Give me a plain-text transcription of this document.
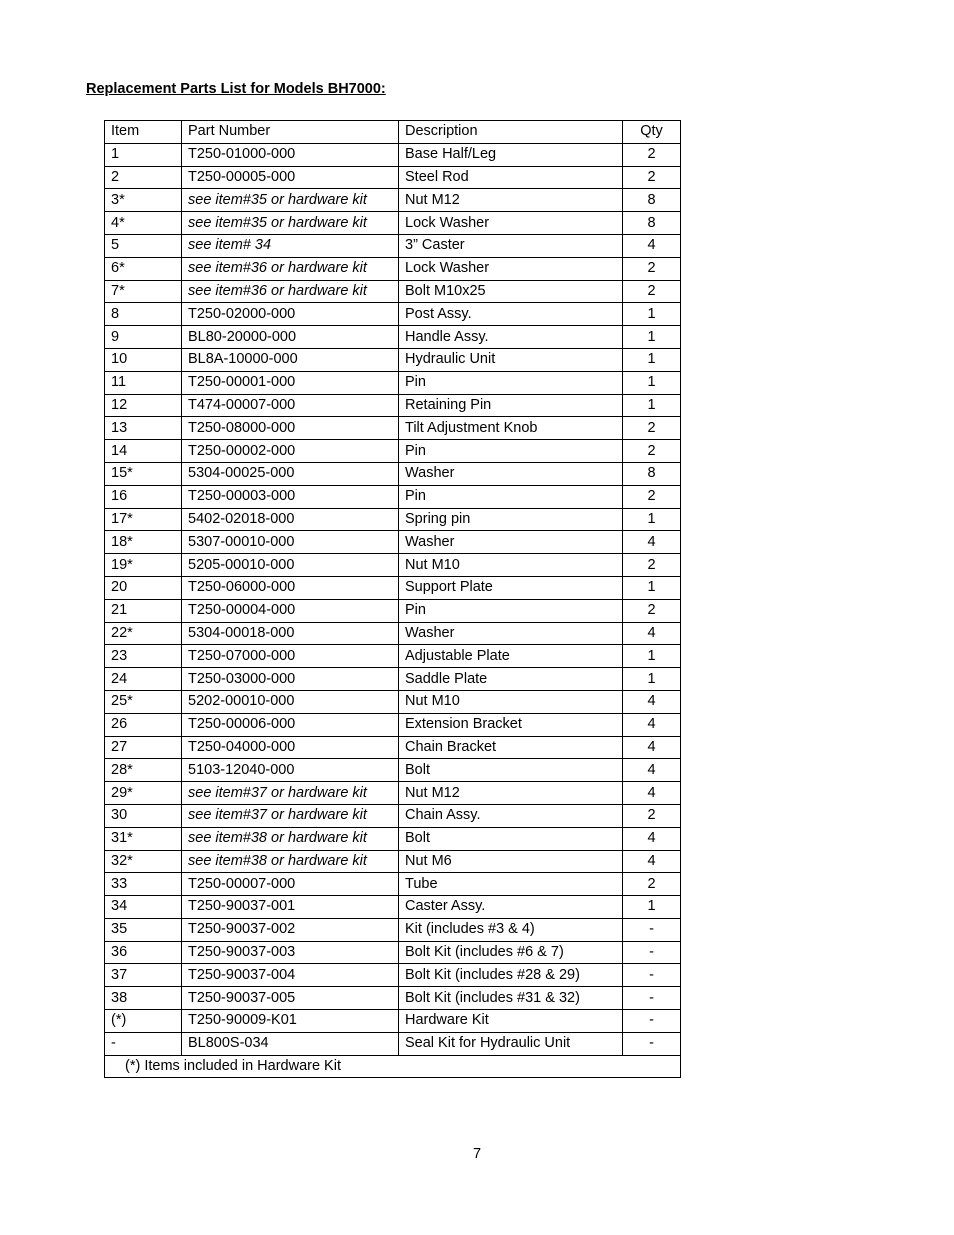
Replacement Parts List for Models BH7000:
Item	Part Number	Description	Qty
1	T250-01000-000	Base Half/Leg	2
2	T250-00005-000	Steel Rod	2
3*	see item#35 or hardware kit	Nut M12	8
4*	see item#35 or hardware kit	Lock Washer	8
5	see item# 34	3” Caster	4
6*	see item#36 or hardware kit	Lock Washer	2
7*	see item#36 or hardware kit	Bolt M10x25	2
8	T250-02000-000	Post Assy.	1
9	BL80-20000-000	Handle Assy.	1
10	BL8A-10000-000	Hydraulic Unit	1
11	T250-00001-000	Pin	1
12	T474-00007-000	Retaining Pin	1
13	T250-08000-000	Tilt Adjustment Knob	2
14	T250-00002-000	Pin	2
15*	5304-00025-000	Washer	8
16	T250-00003-000	Pin	2
17*	5402-02018-000	Spring pin	1
18*	5307-00010-000	Washer	4
19*	5205-00010-000	Nut M10	2
20	T250-06000-000	Support Plate	1
21	T250-00004-000	Pin	2
22*	5304-00018-000	Washer	4
23	T250-07000-000	Adjustable Plate	1
24	T250-03000-000	Saddle Plate	1
25*	5202-00010-000	Nut M10	4
26	T250-00006-000	Extension Bracket	4
27	T250-04000-000	Chain Bracket	4
28*	5103-12040-000	Bolt	4
29*	see item#37 or hardware kit	Nut M12	4
30	see item#37 or hardware kit	Chain Assy.	2
31*	see item#38 or hardware kit	Bolt	4
32*	see item#38 or hardware kit	Nut M6	4
33	T250-00007-000	Tube	2
34	T250-90037-001	Caster Assy.	1
35	T250-90037-002	Kit (includes #3 & 4)	-
36	T250-90037-003	Bolt Kit (includes #6 & 7)	-
37	T250-90037-004	Bolt Kit (includes #28 & 29)	-
38	T250-90037-005	Bolt Kit (includes #31 & 32)	-
(*)	T250-90009-K01	Hardware Kit	-
-	BL800S-034	Seal Kit for Hydraulic Unit	-
(*) Items included in Hardware Kit			
7
